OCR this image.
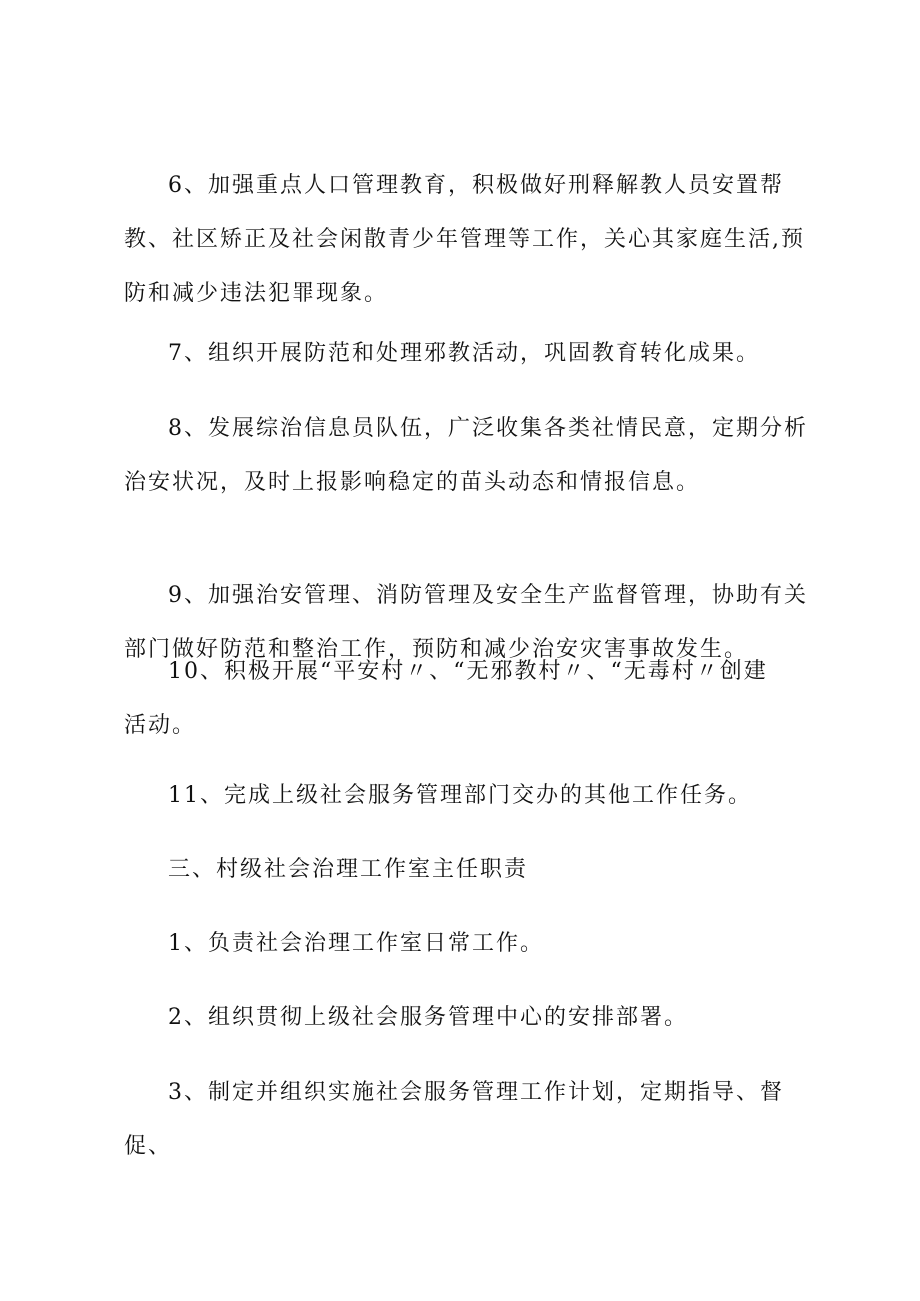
6、加强重点人口管理教育，积极做好刑释解教人员安置帮教、社区矫正及社会闲散青少年管理等工作，关心其家庭生活,预防和减少违法犯罪现象。

7、组织开展防范和处理邪教活动，巩固教育转化成果。

8、发展综治信息员队伍，广泛收集各类社情民意，定期分析治安状况，及时上报影响稳定的苗头动态和情报信息。

9、加强治安管理、消防管理及安全生产监督管理，协助有关部门做好防范和整治工作，预防和减少治安灾害事故发生。

10、积极开展“平安村〃、“无邪教村〃、“无毒村〃创建活动。

11、完成上级社会服务管理部门交办的其他工作任务。

三、村级社会治理工作室主任职责

1、负责社会治理工作室日常工作。

2、组织贯彻上级社会服务管理中心的安排部署。

3、制定并组织实施社会服务管理工作计划，定期指导、督促、
